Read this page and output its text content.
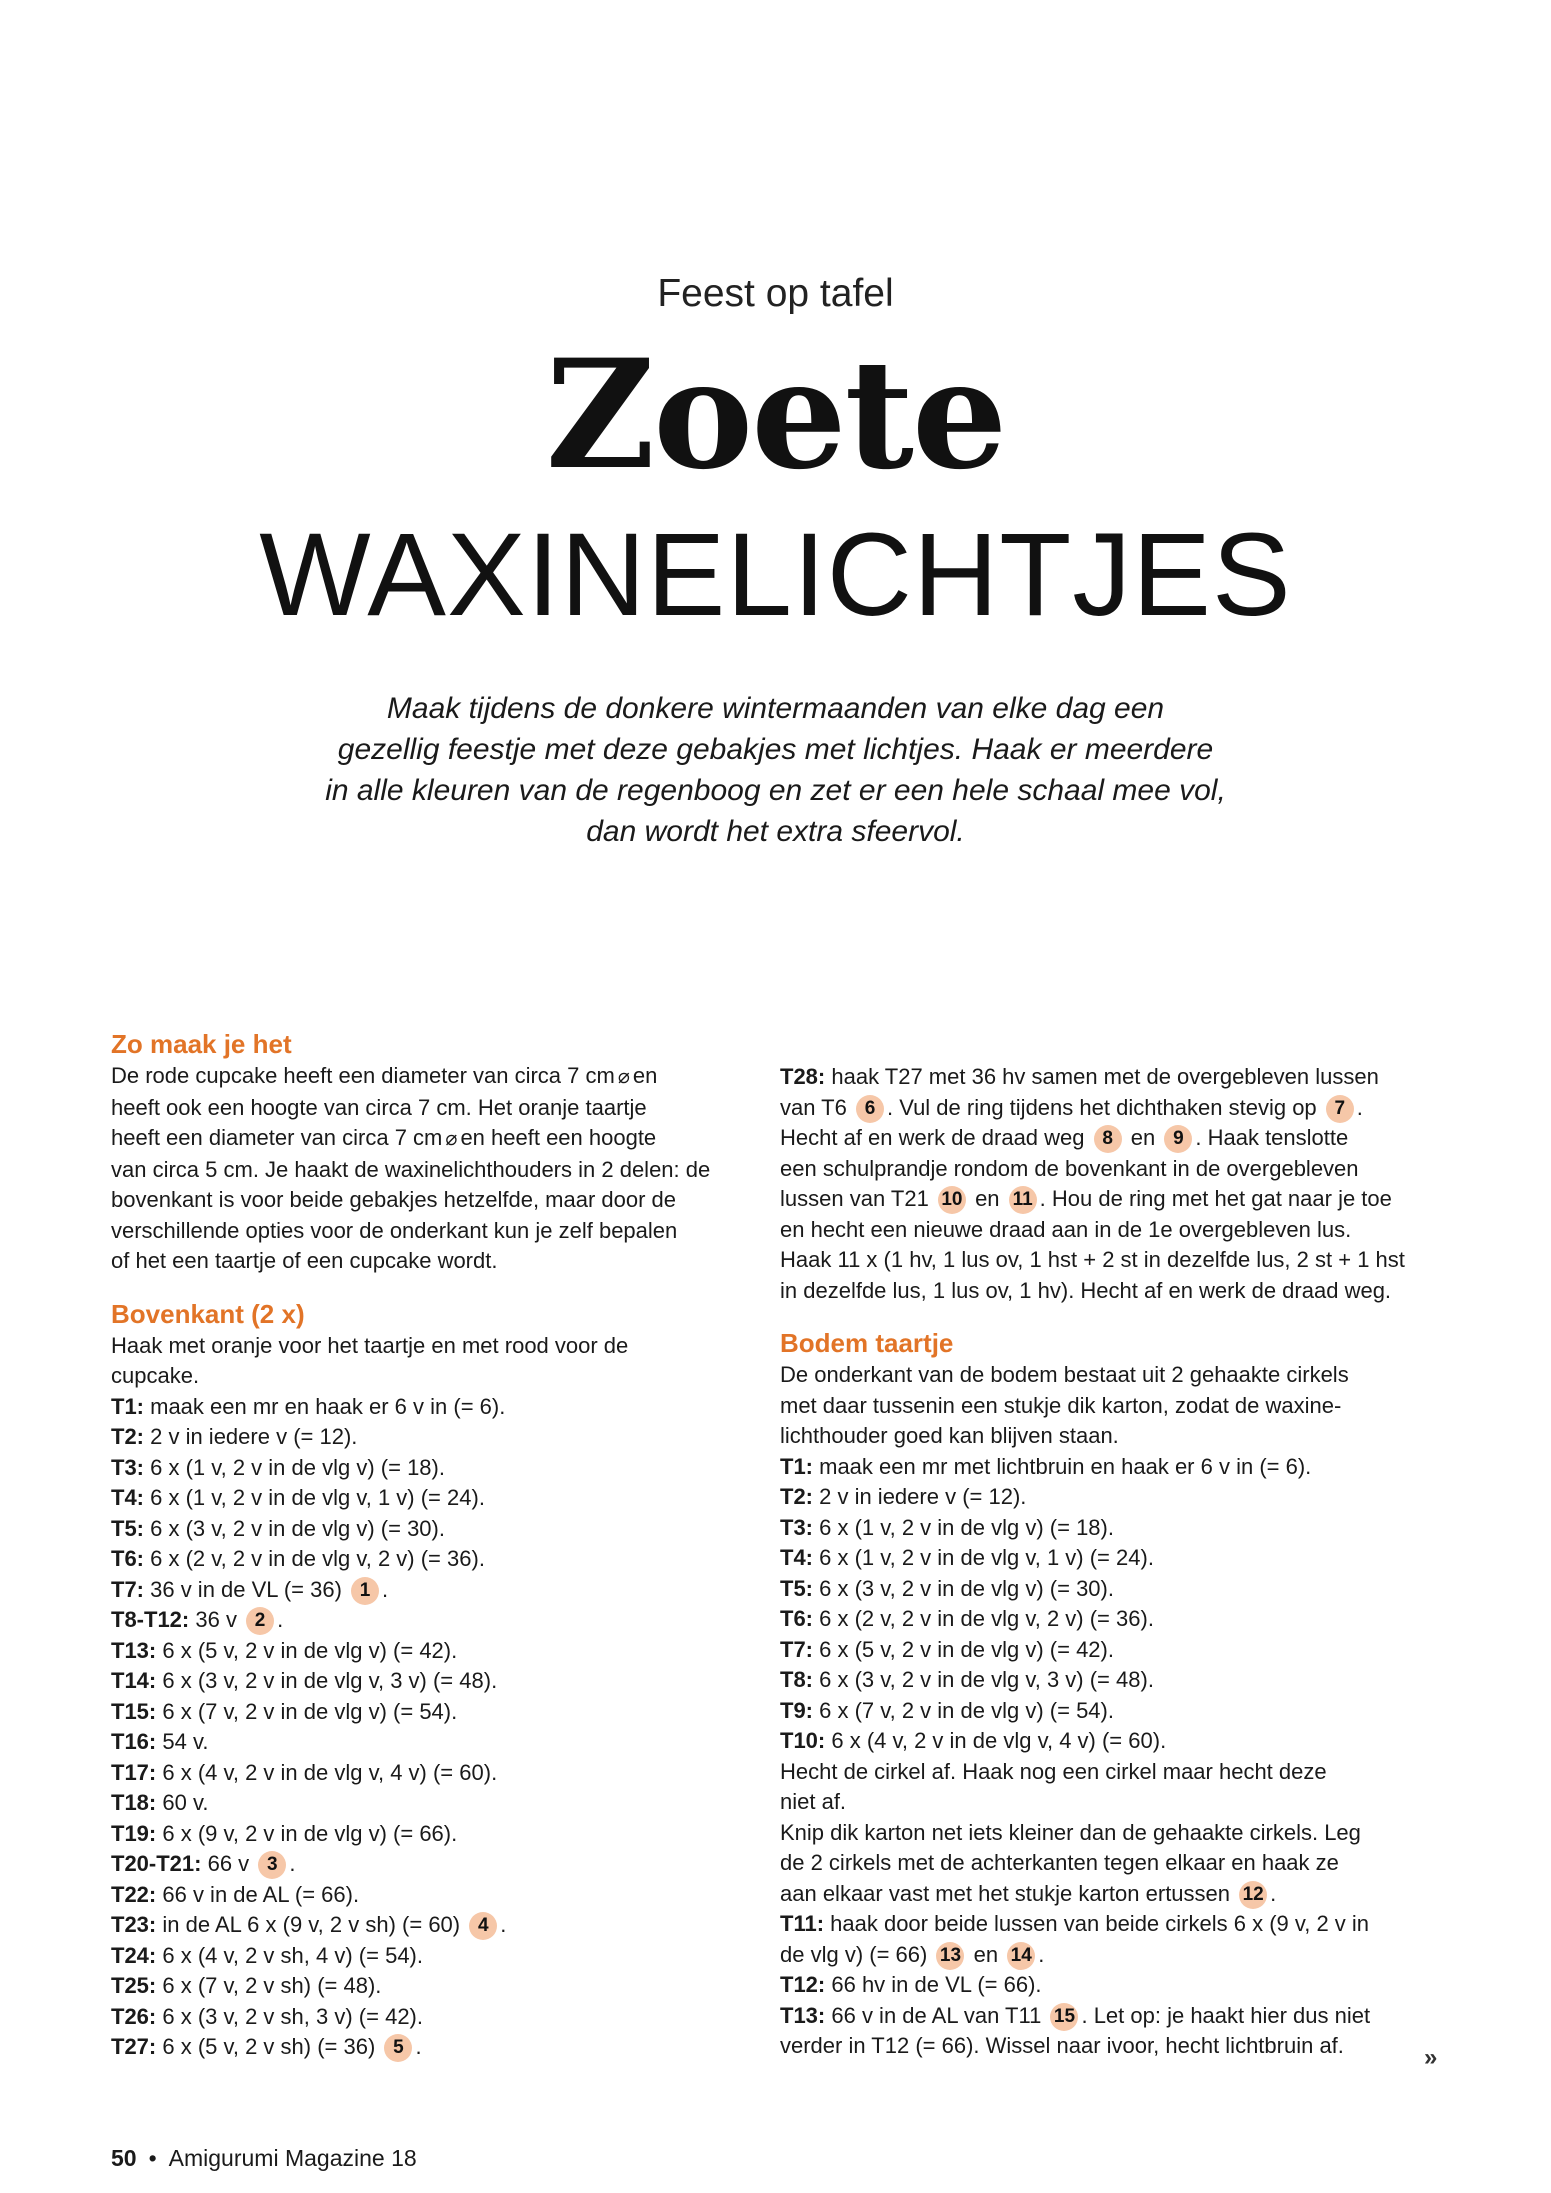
Feest op tafel
Zoete
WAXINELICHTJES

Maak tijdens de donkere wintermaanden van elke dag een

gezellig feestje met deze gebakjes met lichtjes. Haak er meerdere

in alle kleuren van de regenboog en zet er een hele schaal mee vol,

dan wordt het extra sfeervol.

Zo maak je het
De rode cupcake heeft een diameter van circa 7 cm ⌀ en
heeft ook een hoogte van circa 7 cm. Het oranje taartje
heeft een diameter van circa 7 cm ⌀ en heeft een hoogte
van circa 5 cm. Je haakt de waxinelichthouders in 2 delen: de
bovenkant is voor beide gebakjes hetzelfde, maar door de
verschillende opties voor de onderkant kun je zelf bepalen
of het een taartje of een cupcake wordt.
Bovenkant (2 x)
Haak met oranje voor het taartje en met rood voor de
cupcake.
T1: maak een mr en haak er 6 v in (= 6).
T2: 2 v in iedere v (= 12).
T3: 6 x (1 v, 2 v in de vlg v) (= 18).
T4: 6 x (1 v, 2 v in de vlg v, 1 v) (= 24).
T5: 6 x (3 v, 2 v in de vlg v) (= 30).
T6: 6 x (2 v, 2 v in de vlg v, 2 v) (= 36).
T7: 36 v in de VL (= 36) 1 .
T8-T12: 36 v 2 .
T13: 6 x (5 v, 2 v in de vlg v) (= 42).
T14: 6 x (3 v, 2 v in de vlg v, 3 v) (= 48).
T15: 6 x (7 v, 2 v in de vlg v) (= 54).
T16: 54 v.
T17: 6 x (4 v, 2 v in de vlg v, 4 v) (= 60).
T18: 60 v.
T19: 6 x (9 v, 2 v in de vlg v) (= 66).
T20-T21: 66 v 3 .
T22: 66 v in de AL (= 66).
T23: in de AL 6 x (9 v, 2 v sh) (= 60) 4 .
T24: 6 x (4 v, 2 v sh, 4 v) (= 54).
T25: 6 x (7 v, 2 v sh) (= 48).
T26: 6 x (3 v, 2 v sh, 3 v) (= 42).
T27: 6 x (5 v, 2 v sh) (= 36) 5 .
T28: haak T27 met 36 hv samen met de overgebleven lussen
van T6 6 . Vul de ring tijdens het dichthaken stevig op 7 .
Hecht af en werk de draad weg 8 en 9 . Haak tenslotte
een schulprandje rondom de bovenkant in de overgebleven
lussen van T21 10 en 11 . Hou de ring met het gat naar je toe
en hecht een nieuwe draad aan in de 1e overgebleven lus.
Haak 11 x (1 hv, 1 lus ov, 1 hst + 2 st in dezelfde lus, 2 st + 1 hst
in dezelfde lus, 1 lus ov, 1 hv). Hecht af en werk de draad weg.
Bodem taartje
De onderkant van de bodem bestaat uit 2 gehaakte cirkels
met daar tussenin een stukje dik karton, zodat de waxine-
lichthouder goed kan blijven staan.
T1: maak een mr met lichtbruin en haak er 6 v in (= 6).
T2: 2 v in iedere v (= 12).
T3: 6 x (1 v, 2 v in de vlg v) (= 18).
T4: 6 x (1 v, 2 v in de vlg v, 1 v) (= 24).
T5: 6 x (3 v, 2 v in de vlg v) (= 30).
T6: 6 x (2 v, 2 v in de vlg v, 2 v) (= 36).
T7: 6 x (5 v, 2 v in de vlg v) (= 42).
T8: 6 x (3 v, 2 v in de vlg v, 3 v) (= 48).
T9: 6 x (7 v, 2 v in de vlg v) (= 54).
T10: 6 x (4 v, 2 v in de vlg v, 4 v) (= 60).
Hecht de cirkel af. Haak nog een cirkel maar hecht deze
niet af.
Knip dik karton net iets kleiner dan de gehaakte cirkels. Leg
de 2 cirkels met de achterkanten tegen elkaar en haak ze
aan elkaar vast met het stukje karton ertussen 12 .
T11: haak door beide lussen van beide cirkels 6 x (9 v, 2 v in
de vlg v) (= 66) 13 en 14 .
T12: 66 hv in de VL (= 66).
T13: 66 v in de AL van T11 15 . Let op: je haakt hier dus niet
verder in T12 (= 66). Wissel naar ivoor, hecht lichtbruin af.	»
50 • Amigurumi Magazine 18
